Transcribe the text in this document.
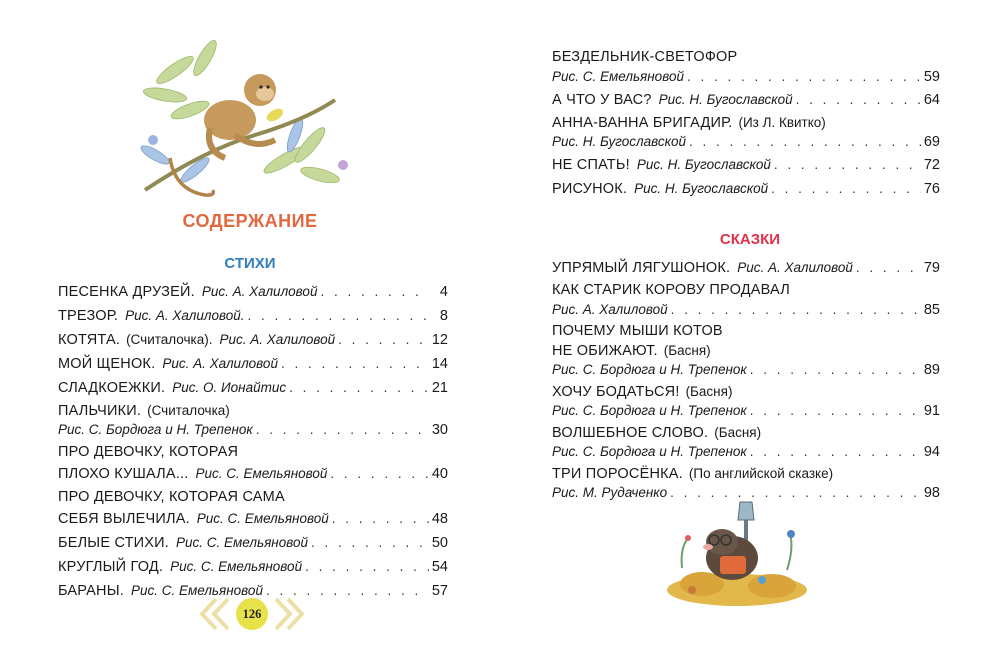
СОДЕРЖАНИЕ
СТИХИ
ПЕСЕНКА ДРУЗЕЙ. Рис. А. Халиловой . . .	4
ТРЕЗОР. Рис. А. Халиловой. . . .	8
КОТЯТА. (Считалочка). Рис. А. Халиловой . . .	12
МОЙ ЩЕНОК. Рис. А. Халиловой . . .	14
СЛАДКОЕЖКИ. Рис. О. Ионайтис . . .	21
ПАЛЬЧИКИ. (Считалочка)
Рис. С. Бордюга и Н. Трепенок . . .	30
ПРО ДЕВОЧКУ, КОТОРАЯ
ПЛОХО КУШАЛА... Рис. С. Емельяновой . . .	40
ПРО ДЕВОЧКУ, КОТОРАЯ САМА
СЕБЯ ВЫЛЕЧИЛА. Рис. С. Емельяновой . . .	48
БЕЛЫЕ СТИХИ. Рис. С. Емельяновой . . .	50
КРУГЛЫЙ ГОД. Рис. С. Емельяновой . . .	54
БАРАНЫ. Рис. С. Емельяновой . . .	57
126
БЕЗДЕЛЬНИК-СВЕТОФОР
Рис. С. Емельяновой . . .	59
А ЧТО У ВАС? Рис. Н. Бугославской . . .	64
АННА-ВАННА БРИГАДИР. (Из Л. Квитко)
Рис. Н. Бугославской . . .	69
НЕ СПАТЬ! Рис. Н. Бугославской . . .	72
РИСУНОК. Рис. Н. Бугославской . . .	76
СКАЗКИ
УПРЯМЫЙ ЛЯГУШОНОК. Рис. А. Халиловой . . .	79
КАК СТАРИК КОРОВУ ПРОДАВАЛ
Рис. А. Халиловой . . .	85
ПОЧЕМУ МЫШИ КОТОВ
НЕ ОБИЖАЮТ. (Басня)
Рис. С. Бордюга и Н. Трепенок . . .	89
ХОЧУ БОДАТЬСЯ! (Басня)
Рис. С. Бордюга и Н. Трепенок . . .	91
ВОЛШЕБНОЕ СЛОВО. (Басня)
Рис. С. Бордюга и Н. Трепенок . . .	94
ТРИ ПОРОСЁНКА. (По английской сказке)
Рис. М. Рудаченко . . .	98
